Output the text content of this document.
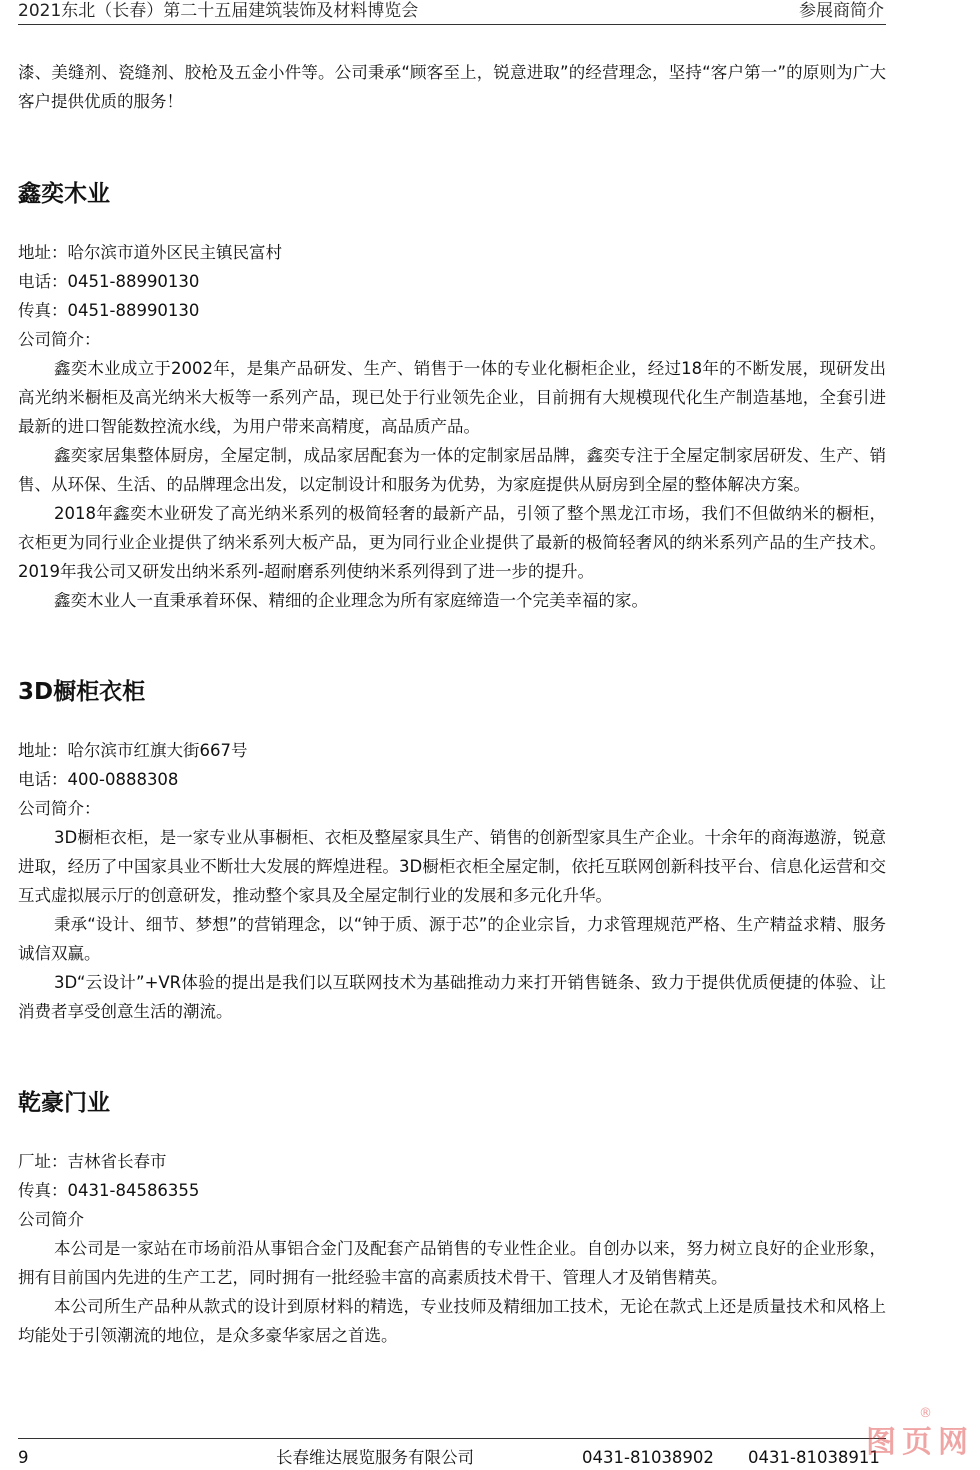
2021东北（长春）第二十五届建筑装饰及材料博览会	参展商简介

漆、美缝剂、瓷缝剂、胶枪及五金小件等。公司秉承“顾客至上，锐意进取”的经营理念，坚持“客户第一”的原则为广大客户提供优质的服务！

鑫奕木业

地址：哈尔滨市道外区民主镇民富村

电话：0451-88990130

传真：0451-88990130

公司简介：

鑫奕木业成立于2002年，是集产品研发、生产、销售于一体的专业化橱柜企业，经过18年的不断发展，现研发出高光纳米橱柜及高光纳米大板等一系列产品，现已处于行业领先企业，目前拥有大规模现代化生产制造基地，全套引进最新的进口智能数控流水线，为用户带来高精度，高品质产品。

鑫奕家居集整体厨房，全屋定制，成品家居配套为一体的定制家居品牌，鑫奕专注于全屋定制家居研发、生产、销售、从环保、生活、的品牌理念出发，以定制设计和服务为优势，为家庭提供从厨房到全屋的整体解决方案。

2018年鑫奕木业研发了高光纳米系列的极简轻奢的最新产品，引领了整个黑龙江市场，我们不但做纳米的橱柜，衣柜更为同行业企业提供了纳米系列大板产品，更为同行业企业提供了最新的极简轻奢风的纳米系列产品的生产技术。2019年我公司又研发出纳米系列-超耐磨系列使纳米系列得到了进一步的提升。

鑫奕木业人一直秉承着环保、精细的企业理念为所有家庭缔造一个完美幸福的家。

3D橱柜衣柜

地址：哈尔滨市红旗大街667号

电话：400-0888308

公司简介：

3D橱柜衣柜，是一家专业从事橱柜、衣柜及整屋家具生产、销售的创新型家具生产企业。十余年的商海遨游，锐意进取，经历了中国家具业不断壮大发展的辉煌进程。3D橱柜衣柜全屋定制，依托互联网创新科技平台、信息化运营和交互式虚拟展示厅的创意研发，推动整个家具及全屋定制行业的发展和多元化升华。

秉承“设计、细节、梦想”的营销理念，以“钟于质、源于芯”的企业宗旨，力求管理规范严格、生产精益求精、服务诚信双赢。

3D“云设计”+VR体验的提出是我们以互联网技术为基础推动力来打开销售链条、致力于提供优质便捷的体验、让消费者享受创意生活的潮流。

乾豪门业

厂址：吉林省长春市

传真：0431-84586355

公司简介

本公司是一家站在市场前沿从事铝合金门及配套产品销售的专业性企业。自创办以来，努力树立良好的企业形象，拥有目前国内先进的生产工艺，同时拥有一批经验丰富的高素质技术骨干、管理人才及销售精英。

本公司所生产品种从款式的设计到原材料的精选，专业技师及精细加工技术，无论在款式上还是质量技术和风格上均能处于引领潮流的地位，是众多豪华家居之首选。

9	长春维达展览服务有限公司	0431-81038902 0431-81038911
图页网
®
